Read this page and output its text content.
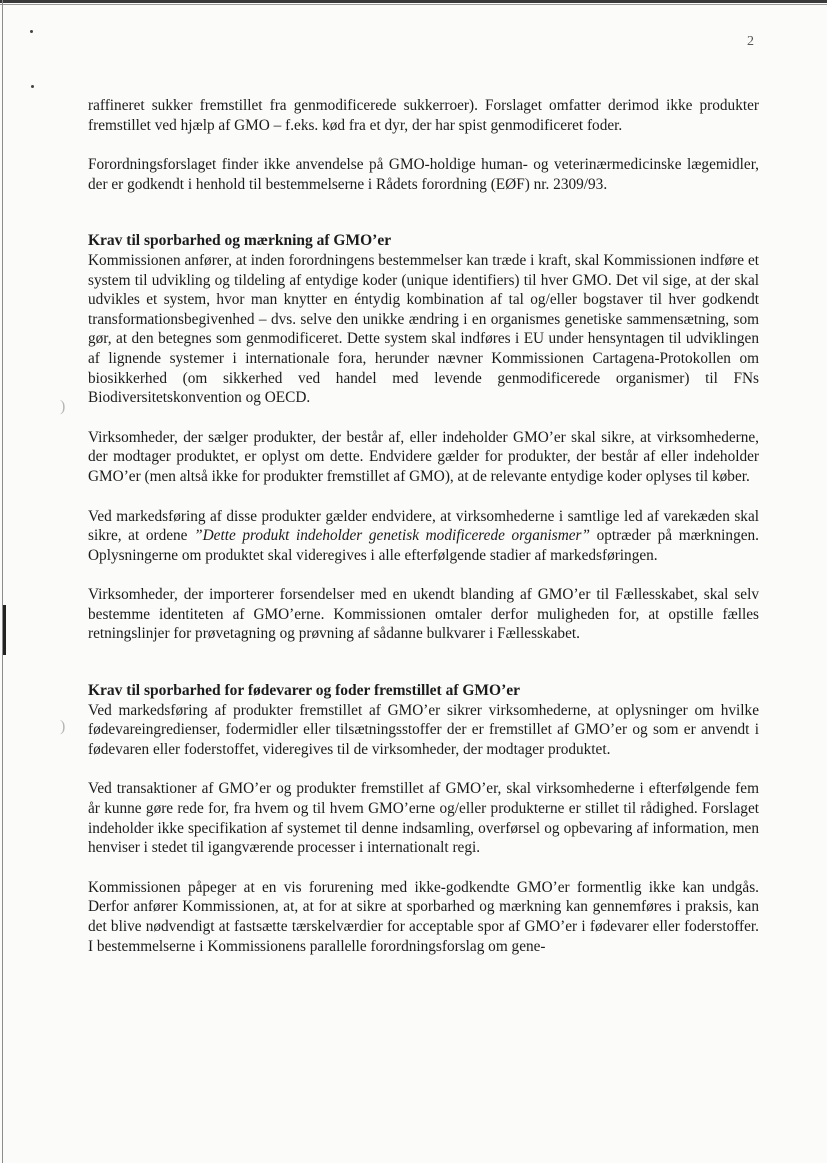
)
)
2

raffineret sukker fremstillet fra genmodificerede sukkerroer). Forslaget omfatter derimod ikke produkter fremstillet ved hjælp af GMO – f.eks. kød fra et dyr, der har spist genmodificeret foder.

Forordningsforslaget finder ikke anvendelse på GMO-holdige human- og veterinærmedicinske lægemidler, der er godkendt i henhold til bestemmelserne i Rådets forordning (EØF) nr. 2309/93.

Krav til sporbarhed og mærkning af GMO’er

Kommissionen anfører, at inden forordningens bestemmelser kan træde i kraft, skal Kommissionen indføre et system til udvikling og tildeling af entydige koder (unique identifiers) til hver GMO. Det vil sige, at der skal udvikles et system, hvor man knytter en éntydig kombination af tal og/eller bogstaver til hver godkendt transformationsbegivenhed – dvs. selve den unikke ændring i en organismes genetiske sammensætning, som gør, at den betegnes som genmodificeret. Dette system skal indføres i EU under hensyntagen til udviklingen af lignende systemer i internationale fora, herunder nævner Kommissionen Cartagena-Protokollen om biosikkerhed (om sikkerhed ved handel med levende genmodificerede organismer) til FNs Biodiversitetskonvention og OECD.

Virksomheder, der sælger produkter, der består af, eller indeholder GMO’er skal sikre, at virksomhederne, der modtager produktet, er oplyst om dette. Endvidere gælder for produkter, der består af eller indeholder GMO’er (men altså ikke for produkter fremstillet af GMO), at de relevante entydige koder oplyses til køber.

Ved markedsføring af disse produkter gælder endvidere, at virksomhederne i samtlige led af varekæden skal sikre, at ordene ”Dette produkt indeholder genetisk modificerede organismer” optræder på mærkningen. Oplysningerne om produktet skal videregives i alle efterfølgende stadier af markedsføringen.

Virksomheder, der importerer forsendelser med en ukendt blanding af GMO’er til Fællesskabet, skal selv bestemme identiteten af GMO’erne. Kommissionen omtaler derfor muligheden for, at opstille fælles retningslinjer for prøvetagning og prøvning af sådanne bulkvarer i Fællesskabet.

Krav til sporbarhed for fødevarer og foder fremstillet af GMO’er

Ved markedsføring af produkter fremstillet af GMO’er sikrer virksomhederne, at oplysninger om hvilke fødevareingredienser, fodermidler eller tilsætningsstoffer der er fremstillet af GMO’er og som er anvendt i fødevaren eller foderstoffet, videregives til de virksomheder, der modtager produktet.

Ved transaktioner af GMO’er og produkter fremstillet af GMO’er, skal virksomhederne i efterfølgende fem år kunne gøre rede for, fra hvem og til hvem GMO’erne og/eller produkterne er stillet til rådighed. Forslaget indeholder ikke specifikation af systemet til denne indsamling, overførsel og opbevaring af information, men henviser i stedet til igangværende processer i internationalt regi.

Kommissionen påpeger at en vis forurening med ikke-godkendte GMO’er formentlig ikke kan undgås. Derfor anfører Kommissionen, at, at for at sikre at sporbarhed og mærkning kan gennemføres i praksis, kan det blive nødvendigt at fastsætte tærskelværdier for acceptable spor af GMO’er i fødevarer eller foderstoffer. I bestemmelserne i Kommissionens parallelle forordningsforslag om gene-
